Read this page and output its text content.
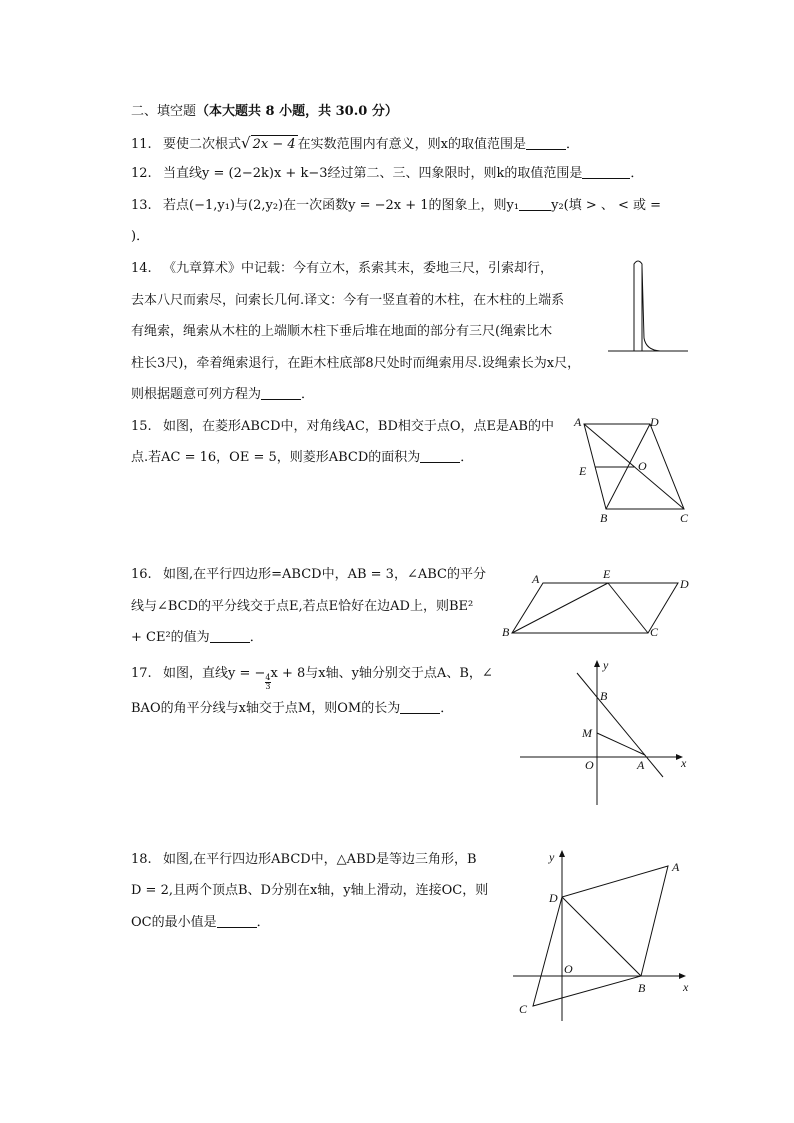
二、填空题（本大题共 8 小题，共 30.0 分）
11. 要使二次根式√ 2x − 4 在实数范围内有意义，则x的取值范围是	．
12. 当直线y = (2−2k)x + k−3经过第二、三、四象限时，则k的取值范围是	．
13. 若点(−1,y₁)与(2,y₂)在一次函数y = −2x + 1的图象上，则y₁ y₂(填 > 、 < 或 =
)．
14. 《九章算术》中记载：今有立木，系索其末，委地三尺，引索却行，
去本八尺而索尽，问索长几何.译文：今有一竖直着的木柱，在木柱的上端系
有绳索，绳索从木柱的上端顺木柱下垂后堆在地面的部分有三尺(绳索比木
柱长3尺)，牵着绳索退行，在距木柱底部8尺处时而绳索用尽.设绳索长为x尺，
则根据题意可列方程为	．
15. 如图，在菱形ABCD中，对角线AC，BD相交于点O，点E是AB的中
点.若AC = 16，OE = 5，则菱形ABCD的面积为	．
A	D
E	O
B	C
16. 如图,在平行四边形=ABCD中，AB = 3，∠ABC的平分
线与∠BCD的平分线交于点E,若点E恰好在边AD上，则BE²
+ CE²的值为	．
A	E
D
B	C
17. 如图，直线y = −
$\frac{4}{3}$
x + 8与x轴、y轴分别交于点A、B，∠
BAO的角平分线与x轴交于点M，则OM的长为	．
y
B
M
O	A	x
18. 如图,在平行四边形ABCD中，△ABD是等边三角形，B
D = 2,且两个顶点B、D分别在x轴，y轴上滑动，连接OC，则
OC的最小值是	．
y
A
D
O
B	x
C
